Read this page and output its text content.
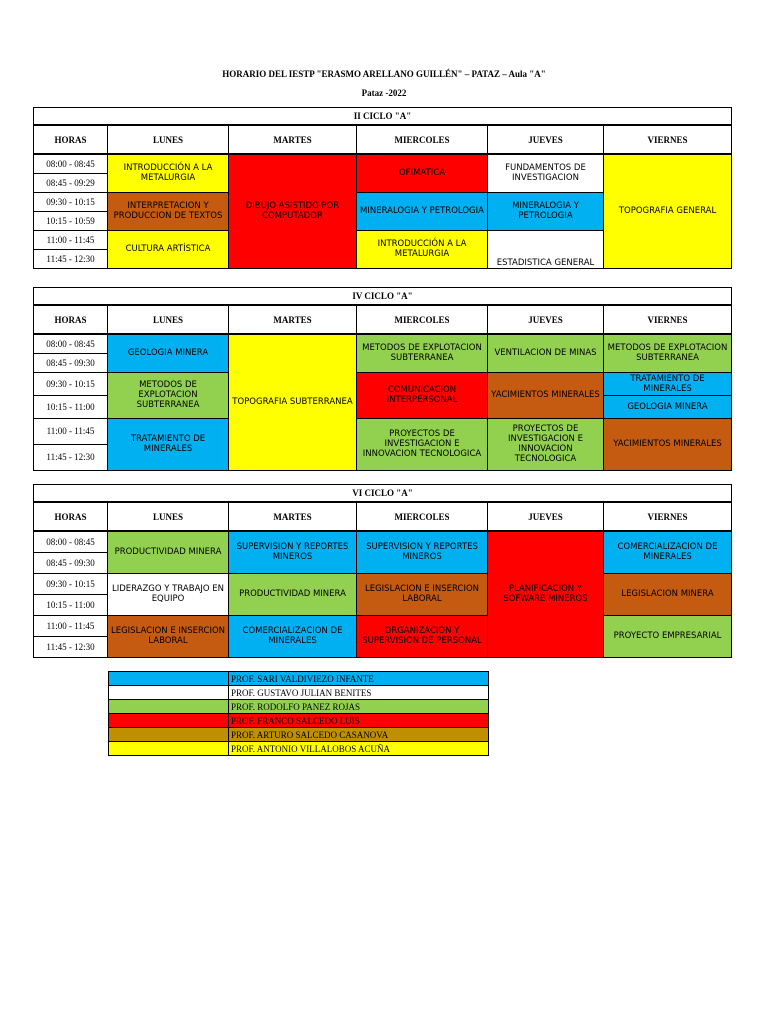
HORARIO DEL IESTP "ERASMO ARELLANO GUILLÉN" – PATAZ – Aula "A"
Pataz -2022
II CICLO "A"					
HORAS	LUNES	MARTES	MIERCOLES	JUEVES	VIERNES
08:00 - 08:45	INTRODUCCIÓN A LA METALURGIA	DIBUJO ASISTIDO POR COMPUTADOR	OFIMATICA	FUNDAMENTOS DE INVESTIGACION	TOPOGRAFIA GENERAL
08:45 - 09:29					
09:30 - 10:15	INTERPRETACION Y PRODUCCION DE TEXTOS		MINERALOGIA Y PETROLOGIA	MINERALOGIA Y PETROLOGIA	
10:15 - 10:59					
11:00 - 11:45	CULTURA ARTÍSTICA		INTRODUCCIÓN A LA METALURGIA	ESTADISTICA GENERAL	
11:45 - 12:30					
IV CICLO "A"					
HORAS	LUNES	MARTES	MIERCOLES	JUEVES	VIERNES
08:00 - 08:45	GEOLOGIA MINERA	TOPOGRAFIA SUBTERRANEA	METODOS DE EXPLOTACION SUBTERRANEA	VENTILACION DE MINAS	METODOS DE EXPLOTACION SUBTERRANEA
08:45 - 09:30					
09:30 - 10:15	METODOS DE EXPLOTACION SUBTERRANEA		COMUNICACION INTERPERSONAL	YACIMIENTOS MINERALES	TRATAMIENTO DE MINERALES
10:15 - 11:00					GEOLOGIA MINERA
11:00 - 11:45	TRATAMIENTO DE MINERALES		PROYECTOS DE INVESTIGACION E INNOVACION TECNOLOGICA	PROYECTOS DE INVESTIGACION E INNOVACION TECNOLOGICA	YACIMIENTOS MINERALES
11:45 - 12:30					
VI CICLO "A"					
HORAS	LUNES	MARTES	MIERCOLES	JUEVES	VIERNES
08:00 - 08:45	PRODUCTIVIDAD MINERA	SUPERVISION Y REPORTES MINEROS	SUPERVISION Y REPORTES MINEROS	PLANIFICACION Y SOFWARE MINEROS	COMERCIALIZACION DE MINERALES
08:45 - 09:30					
09:30 - 10:15	LIDERAZGO Y TRABAJO EN EQUIPO	PRODUCTIVIDAD MINERA	LEGISLACION E INSERCION LABORAL		LEGISLACION MINERA
10:15 - 11:00					
11:00 - 11:45	LEGISLACION E INSERCION LABORAL	COMERCIALIZACION DE MINERALES	ORGANIZACIÓN Y SUPERVISION DE PERSONAL		PROYECTO EMPRESARIAL
11:45 - 12:30					
	PROF. SARI VALDIVIEZO INFANTE
	PROF. GUSTAVO JULIAN BENITES
	PROF. RODOLFO PANEZ ROJAS
	PROF. FRANCO SALCEDO LUIS
	PROF. ARTURO SALCEDO CASANOVA
	PROF. ANTONIO VILLALOBOS ACUÑA
